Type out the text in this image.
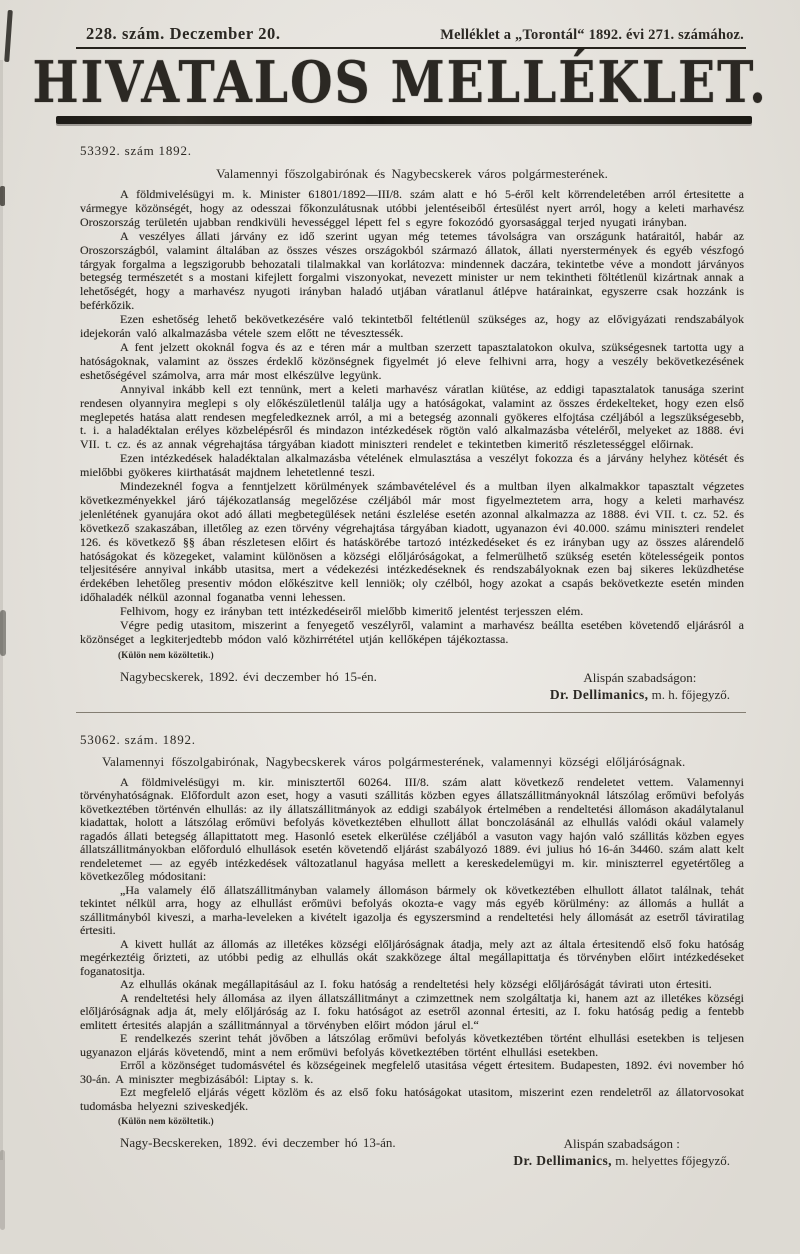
228. szám. Deczember 20.	Melléklet a „Torontál“ 1892. évi 271. számához.
HIVATALOS MELLÉKLET.
53392. szám 1892.
Valamennyi főszolgabirónak és Nagybecskerek város polgármesterének.

A földmivelésügyi m. k. Minister 61801/1892—III/8. szám alatt e hó 5-éről kelt körrendeletében arról értesitette a vármegye közönségét, hogy az odesszai főkonzulátusnak utóbbi jelentéseiből értesülést nyert arról, hogy a keleti marhavész Oroszország területén ujabban rendkivüli hevességgel lépett fel s egyre fokozódó gyorsasággal terjed nyugati irányban.

A veszélyes állati járvány ez idő szerint ugyan még tetemes távolságra van országunk határaitól, habár az Oroszországból, valamint általában az összes vészes országokból származó állatok, állati nyerstermények és egyéb vészfogó tárgyak forgalma a legszigorubb behozatali tilalmakkal van korlátozva: mindennek daczára, tekintetbe véve a mondott járványos betegség természetét s a mostani kifejlett forgalmi viszonyokat, nevezett minister ur nem tekintheti föltétlenül kizártnak annak a lehetőségét, hogy a marhavész nyugoti irányban haladó utjában váratlanul átlépve határainkat, egyszerre csak hozzánk is beférkőzik.

Ezen eshetőség lehető bekövetkezésére való tekintetből feltétlenül szükséges az, hogy az elővigyázati rendszabályok idejekorán való alkalmazásba vétele szem előtt ne tévesztessék.

A fent jelzett okoknál fogva és az e téren már a multban szerzett tapasztalatokon okulva, szükségesnek tartotta ugy a hatóságoknak, valamint az összes érdeklő közönségnek figyelmét jó eleve felhivni arra, hogy a veszély bekövetkezésének eshetőségével számolva, arra már most elkészülve legyünk.

Annyival inkább kell ezt tennünk, mert a keleti marhavész váratlan kiütése, az eddigi tapasztalatok tanusága szerint rendesen olyannyira meglepi s oly előkészületlenül találja ugy a hatóságokat, valamint az összes érdekelteket, hogy ezen első meglepetés hatása alatt rendesen megfeledkeznek arról, a mi a betegség azonnali gyökeres elfojtása czéljából a legszükségesebb, t. i. a haladéktalan erélyes közbelépésről és mindazon intézkedések rögtön való alkalmazásba vételéről, melyeket az 1888. évi VII. t. cz. és az annak végrehajtása tárgyában kiadott miniszteri rendelet e tekintetben kimeritő részletességgel előirnak.

Ezen intézkedések haladéktalan alkalmazásba vételének elmulasztása a veszélyt fokozza és a járvány helyhez kötését és mielőbbi gyökeres kiirthatását majdnem lehetetlenné teszi.

Mindezeknél fogva a fenntjelzett körülmények számbavételével és a multban ilyen alkalmakkor tapasztalt végzetes következményekkel járó tájékozatlanság megelőzése czéljából már most figyelmeztetem arra, hogy a keleti marhavész jelenlétének gyanujára okot adó állati megbetegülések netáni észlelése esetén azonnal alkalmazza az 1888. évi VII. t. cz. 52. és következő szakaszában, illetőleg az ezen törvény végrehajtása tárgyában kiadott, ugyanazon évi 40.000. számu miniszteri rendelet 126. és következő §§ ában részletesen előirt és hatáskörébe tartozó intézkedéseket és ez irányban ugy az összes alárendelő hatóságokat és közegeket, valamint különösen a községi előljáróságokat, a felmerülhető szükség esetén kötelességeik pontos teljesitésére annyival inkább utasitsa, mert a védekezési intézkedéseknek és rendszabályoknak ezen baj sikeres leküzdhetése érdekében lehetőleg presentiv módon előkészitve kell lenniök; oly czélból, hogy azokat a csapás bekövetkezte esetén minden időhaladék nélkül azonnal foganatba venni lehessen.

Felhivom, hogy ez irányban tett intézkedéseiről mielőbb kimeritő jelentést terjesszen elém.

Végre pedig utasitom, miszerint a fenyegető veszélyről, valamint a marhavész beállta esetében követendő eljárásról a közönséget a legkiterjedtebb módon való közhirrététel utján kellőképen tájékoztassa.

(Külön nem közöltetik.)
Nagybecskerek, 1892. évi deczember hó 15-én.	Alispán szabadságon:
Dr. Dellimanics, m. h. főjegyző.
53062. szám. 1892.
Valamennyi főszolgabirónak, Nagybecskerek város polgármesterének, valamennyi községi előljáróságnak.

A földmivelésügyi m. kir. minisztertől 60264. III/8. szám alatt következő rendeletet vettem. Valamennyi törvényhatóságnak. Előfordult azon eset, hogy a vasuti szállitás közben egyes állatszállitmányoknál látszólag erőmüvi befolyás következtében történvén elhullás: az ily állatszállitmányok az eddigi szabályok értelmében a rendeltetési állomáson akadálytalanul kiadattak, holott a látszólag erőmüvi befolyás következtében elhullott állat bonczolásánál az elhullás valódi okául valamely ragadós állati betegség állapittatott meg. Hasonló esetek elkerülése czéljából a vasuton vagy hajón való szállitás közben egyes állatszállitmányokban előforduló elhullások esetén követendő eljárást szabályozó 1889. évi julius hó 16-án 34460. szám alatt kelt rendeletemet — az egyéb intézkedések változatlanul hagyása mellett a kereskedelemügyi m. kir. miniszterrel egyetértőleg a következőleg módositani:

„Ha valamely élő állatszállitmányban valamely állomáson bármely ok következtében elhullott állatot találnak, tehát tekintet nélkül arra, hogy az elhullást erőmüvi befolyás okozta-e vagy más egyéb körülmény: az állomás a hullát a szállitmányból kiveszi, a marha-leveleken a kivételt igazolja és egyszersmind a rendeltetési hely állomását az esetről táviratilag értesiti.

A kivett hullát az állomás az illetékes községi előljáróságnak átadja, mely azt az általa értesitendő első foku hatóság megérkeztéig őrizteti, az utóbbi pedig az elhullás okát szakközege által megállapittatja és törvényben előirt intézkedéseket foganatositja.

Az elhullás okának megállapitásául az I. foku hatóság a rendeltetési hely községi előljáróságát távirati uton értesiti.

A rendeltetési hely állomása az ilyen állatszállitmányt a czimzettnek nem szolgáltatja ki, hanem azt az illetékes községi előljáróságnak adja át, mely előljáróság az I. foku hatóságot az esetről azonnal értesiti, az I. foku hatóság pedig a fentebb emlitett értesités alapján a szállitmánnyal a törvényben előirt módon járul el.“

E rendelkezés szerint tehát jövőben a látszólag erőmüvi befolyás következtében történt elhullási esetekben is teljesen ugyanazon eljárás követendő, mint a nem erőmüvi befolyás következtében történt elhullási esetekben.

Erről a közönséget tudomásvétel és községeinek megfelelő utasitása végett értesitem. Budapesten, 1892. évi november hó 30-án. A miniszter megbizásából: Liptay s. k.

Ezt megfelelő eljárás végett közlöm és az első foku hatóságokat utasitom, miszerint ezen rendeletről az állatorvosokat tudomásba helyezni sziveskedjék.

(Külön nem közöltetik.)
Nagy-Becskereken, 1892. évi deczember hó 13-án.	Alispán szabadságon :
Dr. Dellimanics, m. helyettes főjegyző.
